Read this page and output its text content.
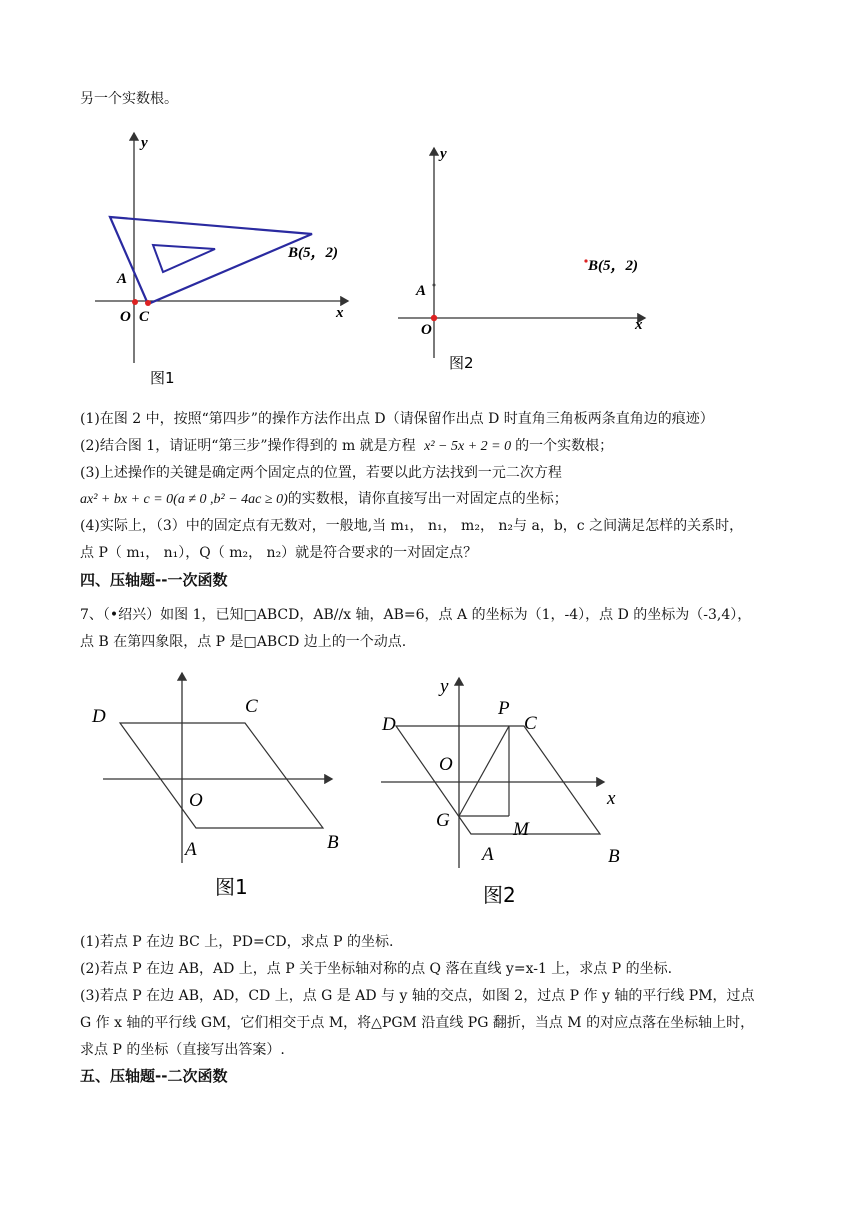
另一个实数根。
y
x
A
O C
B(5，2)
图1
y
x
A
O
B(5，2)
图2
(1)在图 2 中，按照“第四步”的操作方法作出点 D（请保留作出点 D 时直角三角板两条直角边的痕迹）
(2)结合图 1，请证明“第三步”操作得到的 m 就是方程 x² − 5x + 2 = 0 的一个实数根；
(3)上述操作的关键是确定两个固定点的位置，若要以此方法找到一元二次方程
ax² + bx + c = 0(a ≠ 0 ,b² − 4ac ≥ 0)的实数根，请你直接写出一对固定点的坐标；
(4)实际上，（3）中的固定点有无数对，一般地,当 m₁， n₁， m₂， n₂与 a，b，c 之间满足怎样的关系时，
点 P（ m₁， n₁），Q（ m₂， n₂）就是符合要求的一对固定点？
四、压轴题--一次函数
7、（•绍兴）如图 1，已知□ABCD，AB//x 轴，AB=6，点 A 的坐标为（1，-4），点 D 的坐标为（-3,4），
点 B 在第四象限，点 P 是□ABCD 边上的一个动点.
D	C
O
A	B
图1
y
x
D
P
C
O
G	M
A	B
图2
(1)若点 P 在边 BC 上，PD=CD，求点 P 的坐标.
(2)若点 P 在边 AB，AD 上，点 P 关于坐标轴对称的点 Q 落在直线 y=x-1 上，求点 P 的坐标.
(3)若点 P 在边 AB，AD，CD 上，点 G 是 AD 与 y 轴的交点，如图 2，过点 P 作 y 轴的平行线 PM，过点
G 作 x 轴的平行线 GM，它们相交于点 M，将△PGM 沿直线 PG 翻折，当点 M 的对应点落在坐标轴上时，
求点 P 的坐标（直接写出答案）.
五、压轴题--二次函数
